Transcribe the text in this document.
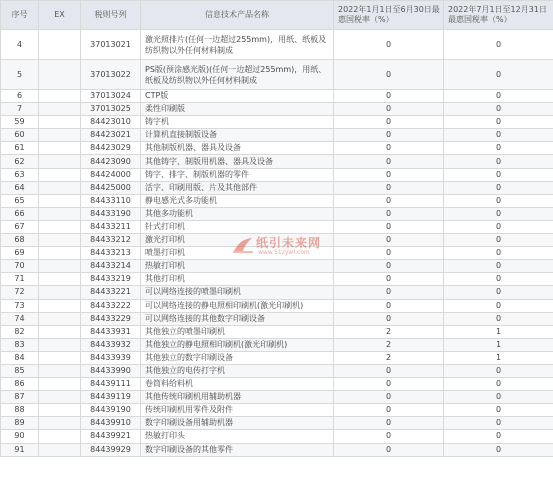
序号	EX	税则号列	信息技术产品名称	2022年1月1日至6月30日最惠国税率（%）	2022年7月1日至12月31日最惠国税率（%）
4		37013021	激光照排片(任何一边超过255mm)，用纸、纸板及纺织物以外任何材料制成	0	0
5		37013022	PS版(预涂感光版)(任何一边超过255mm)，用纸、纸板及纺织物以外任何材料制成	0	0
6		37013024	CTP版	0	0
7		37013025	柔性印刷版	0	0
59		84423010	铸字机	0	0
60		84423021	计算机直接制版设备	0	0
61		84423029	其他制版机器、器具及设备	0	0
62		84423090	其他铸字、制版用机器、器具及设备	0	0
63		84424000	铸字、排字、制版机器的零件	0	0
64		84425000	活字、印刷用版、片及其他部件	0	0
65		84433110	静电感光式多功能机	0	0
66		84433190	其他多功能机	0	0
67		84433211	针式打印机	0	0
68		84433212	激光打印机	0	0
69		84433213	喷墨打印机	0	0
70		84433214	热敏打印机	0	0
71		84433219	其他打印机	0	0
72		84433221	可以网络连接的喷墨印刷机	0	0
73		84433222	可以网络连接的静电照相印刷机(激光印刷机)	0	0
74		84433229	可以网络连接的其他数字印刷设备	0	0
82		84433931	其他独立的喷墨印刷机	2	1
83		84433932	其他独立的静电照相印刷机(激光印刷机)	2	1
84		84433939	其他独立的数字印刷设备	2	1
85		84433990	其他独立的电传打字机	0	0
86		84439111	卷筒料给料机	0	0
87		84439119	其他传统印刷机用辅助机器	0	0
88		84439190	传统印刷机用零件及附件	0	0
89		84439910	数字印刷设备用辅助机器	0	0
90		84439921	热敏打印头	0	0
91		84439929	数字印刷设备的其他零件	0	0
纸引未来网
www.51zywl.com
